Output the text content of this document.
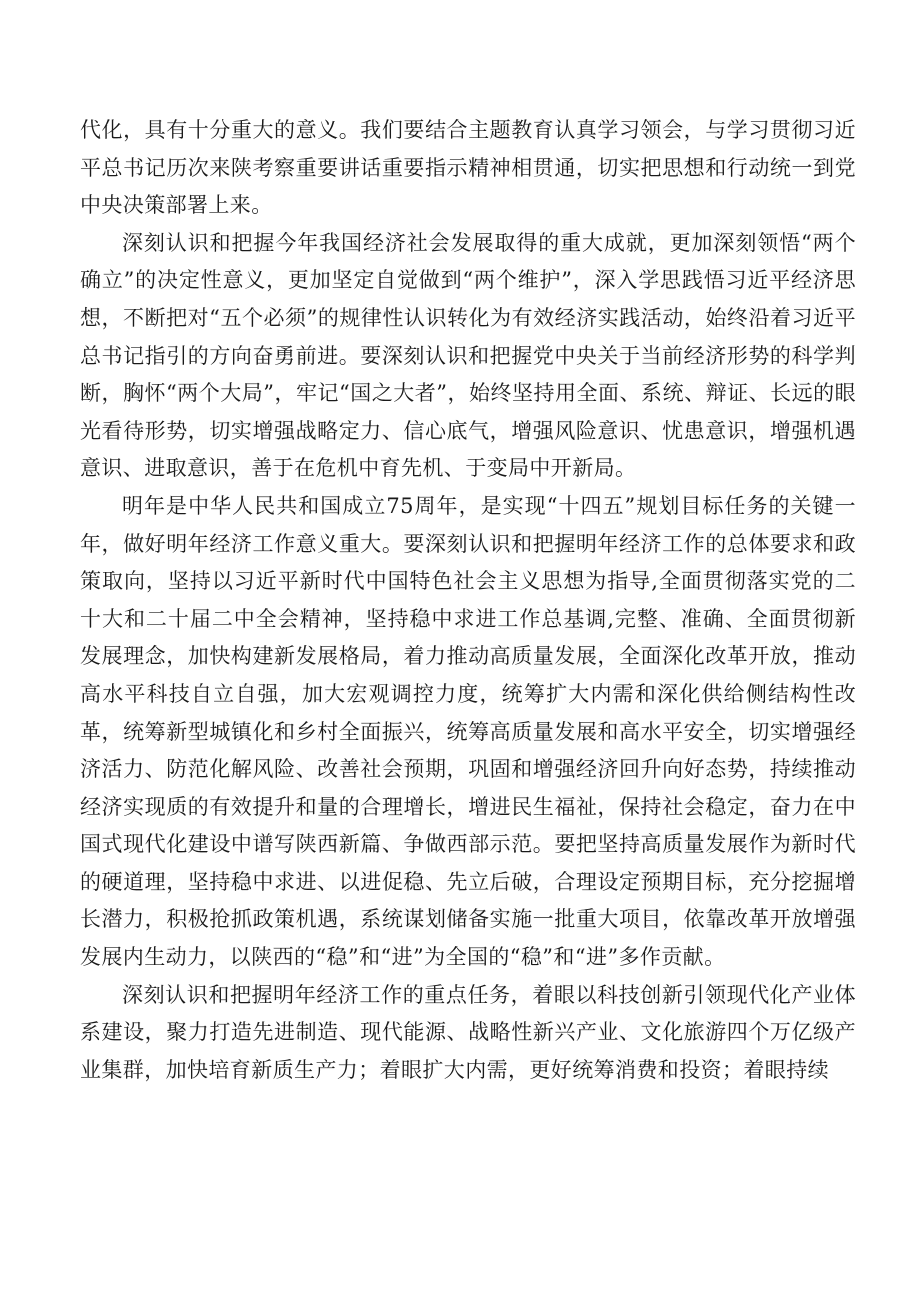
代化，具有十分重大的意义。我们要结合主题教育认真学习领会，与学习贯彻习近平总书记历次来陕考察重要讲话重要指示精神相贯通，切实把思想和行动统一到党中央决策部署上来。

深刻认识和把握今年我国经济社会发展取得的重大成就，更加深刻领悟“两个确立”的决定性意义，更加坚定自觉做到“两个维护”，深入学思践悟习近平经济思想，不断把对“五个必须”的规律性认识转化为有效经济实践活动，始终沿着习近平总书记指引的方向奋勇前进。要深刻认识和把握党中央关于当前经济形势的科学判断，胸怀“两个大局”，牢记“国之大者”，始终坚持用全面、系统、辩证、长远的眼光看待形势，切实增强战略定力、信心底气，增强风险意识、忧患意识，增强机遇意识、进取意识，善于在危机中育先机、于变局中开新局。

明年是中华人民共和国成立75周年，是实现“十四五”规划目标任务的关键一年，做好明年经济工作意义重大。要深刻认识和把握明年经济工作的总体要求和政策取向，坚持以习近平新时代中国特色社会主义思想为指导,全面贯彻落实党的二十大和二十届二中全会精神，坚持稳中求进工作总基调,完整、准确、全面贯彻新发展理念，加快构建新发展格局，着力推动高质量发展，全面深化改革开放，推动高水平科技自立自强，加大宏观调控力度，统筹扩大内需和深化供给侧结构性改革，统筹新型城镇化和乡村全面振兴，统筹高质量发展和高水平安全，切实增强经济活力、防范化解风险、改善社会预期，巩固和增强经济回升向好态势，持续推动经济实现质的有效提升和量的合理增长，增进民生福祉，保持社会稳定，奋力在中国式现代化建设中谱写陕西新篇、争做西部示范。要把坚持高质量发展作为新时代的硬道理，坚持稳中求进、以进促稳、先立后破，合理设定预期目标，充分挖掘增长潜力，积极抢抓政策机遇，系统谋划储备实施一批重大项目，依靠改革开放增强发展内生动力，以陕西的“稳”和“进”为全国的“稳”和“进”多作贡献。

深刻认识和把握明年经济工作的重点任务，着眼以科技创新引领现代化产业体系建设，聚力打造先进制造、现代能源、战略性新兴产业、文化旅游四个万亿级产业集群，加快培育新质生产力；着眼扩大内需，更好统筹消费和投资；着眼持续
